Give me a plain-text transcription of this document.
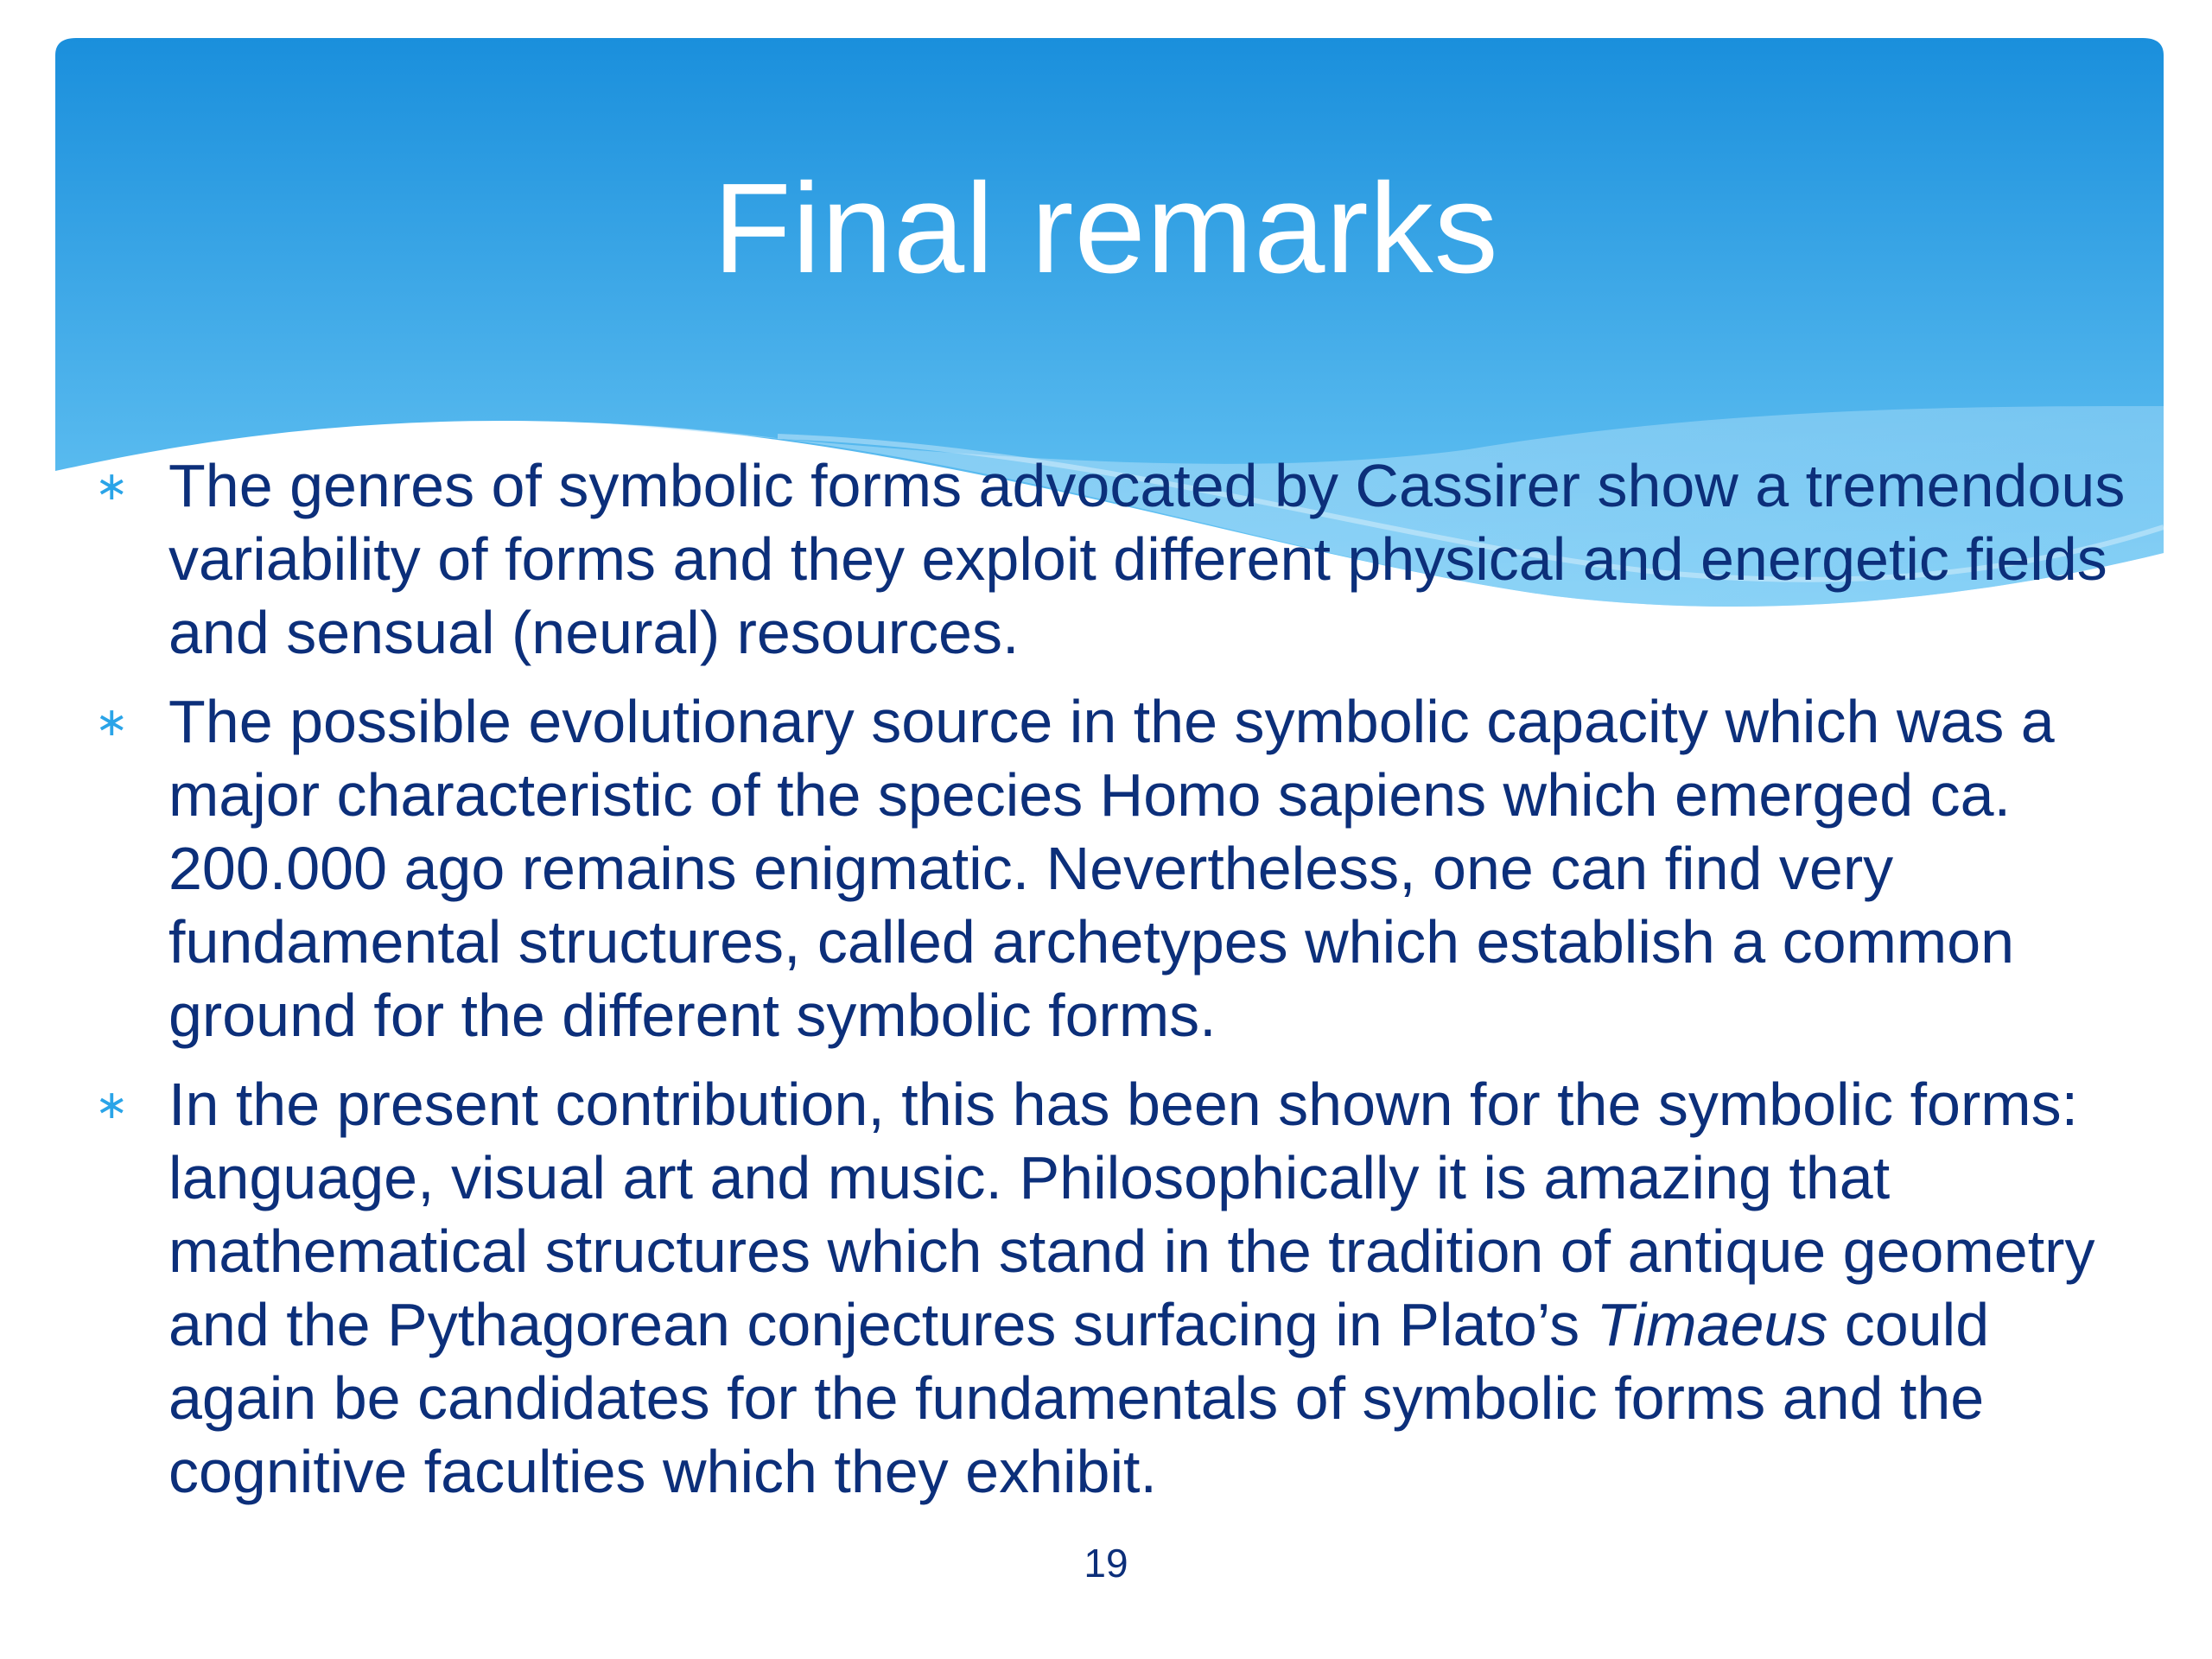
Final remarks
∗ The genres of symbolic forms advocated by Cassirer show a tremendous variability of forms and they exploit different physical and energetic fields and sensual (neural) resources.
∗ The possible evolutionary source in the symbolic capacity which was a major characteristic of the species Homo sapiens which emerged ca. 200.000 ago remains enigmatic. Nevertheless, one can find very fundamental structures, called archetypes which establish a common ground for the different symbolic forms.
∗ In the present contribution, this has been shown for the symbolic forms: language, visual art and music. Philosophically it is amazing that mathematical structures which stand in the tradition of antique geometry and the Pythagorean conjectures surfacing in Plato’s Timaeus could again be candidates for the fundamentals of symbolic forms and the cognitive faculties which they exhibit.
19
